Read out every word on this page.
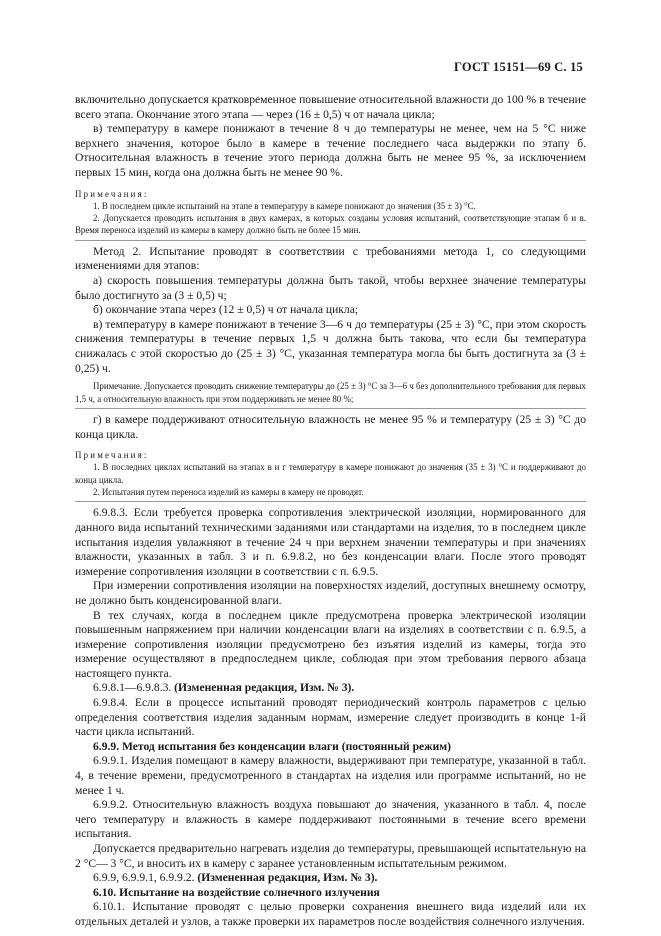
ГОСТ 15151—69 С. 15

включительно допускается кратковременное повышение относительной влажности до 100 % в течение всего этапа. Окончание этого этапа — через (16 ± 0,5) ч от начала цикла;

в) температуру в камере понижают в течение 8 ч до температуры не менее, чем на 5 °С ниже верхнего значения, которое было в камере в течение последнего часа выдержки по этапу б. Относительная влажность в течение этого периода должна быть не менее 95 %, за исключением первых 15 мин, когда она должна быть не менее 90 %.

Примечания:

1. В последнем цикле испытаний на этапе в температуру в камере понижают до значения (35 ± 3) °С.

2. Допускается проводить испытания в двух камерах, в которых созданы условия испытаний, соответствующие этапам б и в. Время переноса изделий из камеры в камеру должно быть не более 15 мин.

Метод 2. Испытание проводят в соответствии с требованиями метода 1, со следующими изменениями для этапов:

а) скорость повышения температуры должна быть такой, чтобы верхнее значение температуры было достигнуто за (3 ± 0,5) ч;

б) окончание этапа через (12 ± 0,5) ч от начала цикла;

в) температуру в камере понижают в течение 3—6 ч до температуры (25 ± 3) °С, при этом скорость снижения температуры в течение первых 1,5 ч должна быть такова, что если бы температура снижалась с этой скоростью до (25 ± 3) °С, указанная температура могла бы быть достигнута за (3 ± 0,25) ч.

Примечание. Допускается проводить снижение температуры до (25 ± 3) °С за 3—6 ч без дополнительного требования для первых 1,5 ч, а относительную влажность при этом поддерживать не менее 80 %;

г) в камере поддерживают относительную влажность не менее 95 % и температуру (25 ± 3) °С до конца цикла.

Примечания:

1. В последних циклах испытаний на этапах в и г температуру в камере понижают до значения (35 ± 3) °С и поддерживают до конца цикла.

2. Испытания путем переноса изделий из камеры в камеру не проводят.

6.9.8.3. Если требуется проверка сопротивления электрической изоляции, нормированного для данного вида испытаний техническими заданиями или стандартами на изделия, то в последнем цикле испытания изделия увлажняют в течение 24 ч при верхнем значении температуры и при значениях влажности, указанных в табл. 3 и п. 6.9.8.2, но без конденсации влаги. После этого проводят измерение сопротивления изоляции в соответствии с п. 6.9.5.

При измерении сопротивления изоляции на поверхностях изделий, доступных внешнему осмотру, не должно быть конденсированной влаги.

В тех случаях, когда в последнем цикле предусмотрена проверка электрической изоляции повышенным напряжением при наличии конденсации влаги на изделиях в соответствии с п. 6.9.5, а измерение сопротивления изоляции предусмотрено без изъятия изделий из камеры, тогда это измерение осуществляют в предпоследнем цикле, соблюдая при этом требования первого абзаца настоящего пункта.

6.9.8.1—6.9.8.3. (Измененная редакция, Изм. № 3).

6.9.8.4. Если в процессе испытаний проводят периодический контроль параметров с целью определения соответствия изделия заданным нормам, измерение следует производить в конце 1-й части цикла испытаний.

6.9.9. Метод испытания без конденсации влаги (постоянный режим)

6.9.9.1. Изделия помещают в камеру влажности, выдерживают при температуре, указанной в табл. 4, в течение времени, предусмотренного в стандартах на изделия или программе испытаний, но не менее 1 ч.

6.9.9.2. Относительную влажность воздуха повышают до значения, указанного в табл. 4, после чего температуру и влажность в камере поддерживают постоянными в течение всего времени испытания.

Допускается предварительно нагревать изделия до температуры, превышающей испытательную на 2 °С— 3 °С, и вносить их в камеру с заранее установленным испытательным режимом.

6.9.9, 6.9.9.1, 6.9.9.2. (Измененная редакция, Изм. № 3).

6.10. Испытание на воздействие солнечного излучения

6.10.1. Испытание проводят с целью проверки сохранения внешнего вида изделий или их отдельных деталей и узлов, а также проверки их параметров после воздействия солнечного излучения.
